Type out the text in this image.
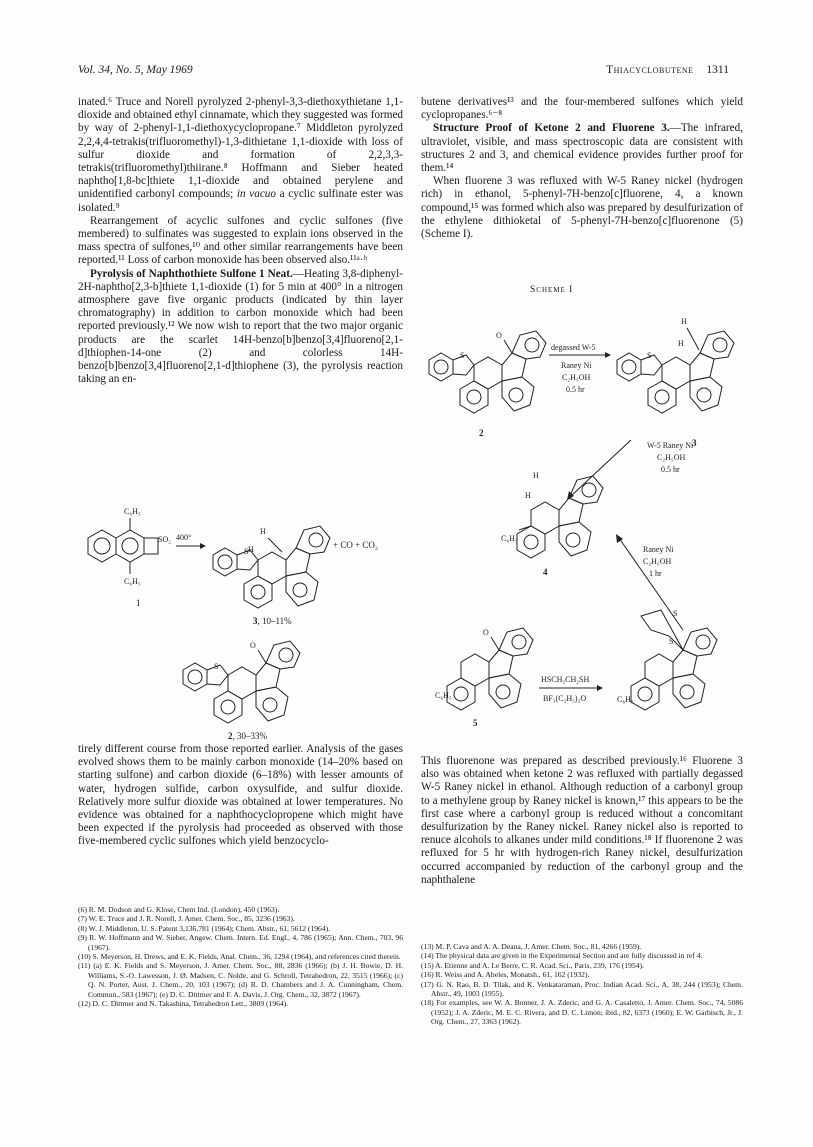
Vol. 34, No. 5, May 1969	Thiacyclobutene 1311

inated.⁶ Truce and Norell pyrolyzed 2-phenyl-3,3-diethoxythietane 1,1-dioxide and obtained ethyl cinnamate, which they suggested was formed by way of 2-phenyl-1,1-diethoxycyclopropane.⁷ Middleton pyrolyzed 2,2,4,4-tetrakis(trifluoromethyl)-1,3-dithietane 1,1-dioxide with loss of sulfur dioxide and formation of 2,2,3,3-tetrakis(trifluoromethyl)thiirane.⁸ Hoffmann and Sieber heated naphtho[1,8-bc]thiete 1,1-dioxide and obtained perylene and unidentified carbonyl compounds; in vacuo a cyclic sulfinate ester was isolated.⁹

Rearrangement of acyclic sulfones and cyclic sulfones (five membered) to sulfinates was suggested to explain ions observed in the mass spectra of sulfones,¹⁰ and other similar rearrangements have been reported.¹¹ Loss of carbon monoxide has been observed also.¹¹ᵃ·ᵇ

Pyrolysis of Naphthothiete Sulfone 1 Neat.—Heating 3,8-diphenyl-2H-naphtho[2,3-b]thiete 1,1-dioxide (1) for 5 min at 400° in a nitrogen atmosphere gave five organic products (indicated by thin layer chromatography) in addition to carbon monoxide which had been reported previously.¹² We now wish to report that the two major organic products are the scarlet 14H-benzo[b]benzo[3,4]fluoreno[2,1-d]thiophen-14-one (2) and colorless 14H-benzo[b]benzo[3,4]fluoreno[2,1-d]thiophene (3), the pyrolysis reaction taking an en-

butene derivatives¹³ and the four-membered sulfones which yield cyclopropanes.⁶⁻⁸

Structure Proof of Ketone 2 and Fluorene 3.—The infrared, ultraviolet, visible, and mass spectroscopic data are consistent with structures 2 and 3, and chemical evidence provides further proof for them.¹⁴

When fluorene 3 was refluxed with W-5 Raney nickel (hydrogen rich) in ethanol, 5-phenyl-7H-benzo[c]fluorene, 4, a known compound,¹⁵ was formed which also was prepared by desulfurization of the ethylene dithioketal of 5-phenyl-7H-benzo[c]fluorenone (5) (Scheme I).

C₆H₅
C₆H₅
SO₂
1
400°
S
H
H	+ CO + CO₂
3, 10–11%
O
S
2, 30–33%
Scheme I
O
S
2
degassed W-5
Raney Ni
C₂H₅OH
0.5 hr
S
H
H
3
W-5 Raney Ni
C₂H₅OH
0.5 hr
C₆H₅
H
H
4
Raney Ni
C₂H₅OH
1 hr
O
C₆H₅
5
HSCH₂CH₂SH
BF₃(C₂H₅)₂O
S
S
C₆H₅

tirely different course from those reported earlier. Analysis of the gases evolved shows them to be mainly carbon monoxide (14–20% based on starting sulfone) and carbon dioxide (6–18%) with lesser amounts of water, hydrogen sulfide, carbon oxysulfide, and sulfur dioxide. Relatively more sulfur dioxide was obtained at lower temperatures. No evidence was obtained for a naphthocyclopropene which might have been expected if the pyrolysis had proceeded as observed with those five-membered cyclic sulfones which yield benzocyclo-

This fluorenone was prepared as described previously.¹⁶ Fluorene 3 also was obtained when ketone 2 was refluxed with partially degassed W-5 Raney nickel in ethanol. Although reduction of a carbonyl group to a methylene group by Raney nickel is known,¹⁷ this appears to be the first case where a carbonyl group is reduced without a concomitant desulfurization by the Raney nickel. Raney nickel also is reported to renuce alcohols to alkanes under mild conditions.¹⁸ If fluorenone 2 was refluxed for 5 hr with hydrogen-rich Raney nickel, desulfurization occurred accompanied by reduction of the carbonyl group and the naphthalene

(6) R. M. Dodson and G. Klose, Chem Ind. (London), 450 (1963).
(7) W. E. Truce and J. R. Norell, J. Amer. Chem. Soc., 85, 3236 (1963).
(8) W. J. Middleton, U. S. Patent 3,136,781 (1964); Chem. Abstr., 61, 5612 (1964).
(9) R. W. Hoffmann and W. Sieber, Angew. Chem. Intern. Ed. Engl., 4, 786 (1965); Ann. Chem., 703, 96 (1967).
(10) S. Meyerson, H. Drews, and E. K. Fields, Anal. Chem., 36, 1294 (1964), and references cited therein.
(11) (a) E. K. Fields and S. Meyerson, J. Amer. Chem. Soc., 88, 2836 (1966); (b) J. H. Bowie, D. H. Williams, S.-O. Lawesson, J. Ø. Madsen, C. Nolde, and G. Schroll, Tetrahedron, 22, 3515 (1966); (c) Q. N. Porter, Aust. J. Chem., 20, 103 (1967); (d) R. D. Chambers and J. A. Cunningham, Chem. Commun., 583 (1967); (e) D. C. Dittmer and F. A. Davis, J. Org. Chem., 32, 3872 (1967).
(12) D. C. Dittmer and N. Takashina, Tetrahedron Lett., 3809 (1964).
(13) M. P. Cava and A. A. Deana, J. Amer. Chem. Soc., 81, 4266 (1959).
(14) The physical data are given in the Experimental Section and are fully discussed in ref 4.
(15) A. Etienne and A. Le Berre, C. R. Acad. Sci., Paris, 239, 176 (1954).
(16) R. Weiss and A. Abeles, Monatsh., 61, 162 (1932).
(17) G. N. Rao, B. D. Tilak, and K. Venkataraman, Proc. Indian Acad. Sci., A, 38, 244 (1953); Chem. Abstr., 49, 1003 (1955).
(18) For examples, see W. A. Bonner, J. A. Zderic, and G. A. Casaletto, J. Amer. Chem. Soc., 74, 5086 (1952); J. A. Zderic, M. E. C. Rivera, and D. C. Limon; ibid., 82, 6373 (1960); E. W. Garbisch, Jr., J. Org. Chem., 27, 3363 (1962).
